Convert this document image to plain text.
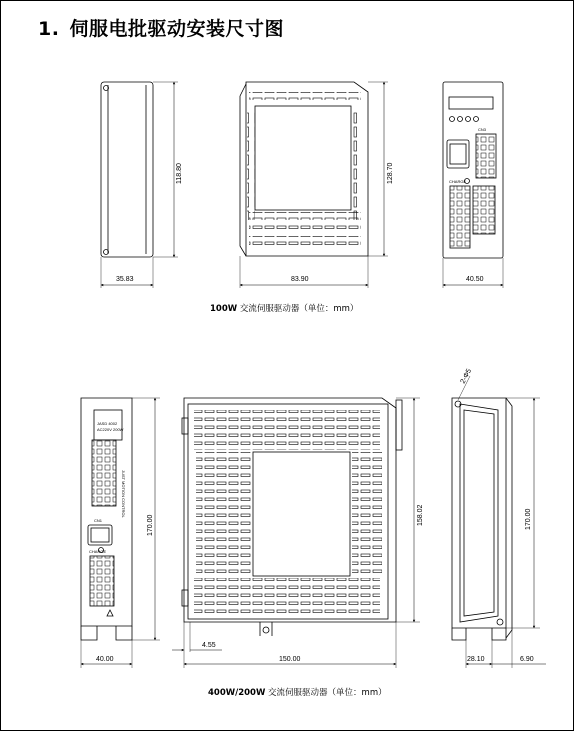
1. 伺服电批驱动安装尺寸图
35.83
118.80
83.90
128.70
40.50
CN3
CHARGE
40.00
170.00
150.00
158.02
4.55
170.00
28.10	6.90
2-Φ5
JASD 4002
AC220V 200W
JUST MOTION CONTROL
CN1
CHARGE
100W 交流伺服驱动器（单位：mm）
400W/200W 交流伺服驱动器（单位：mm）
